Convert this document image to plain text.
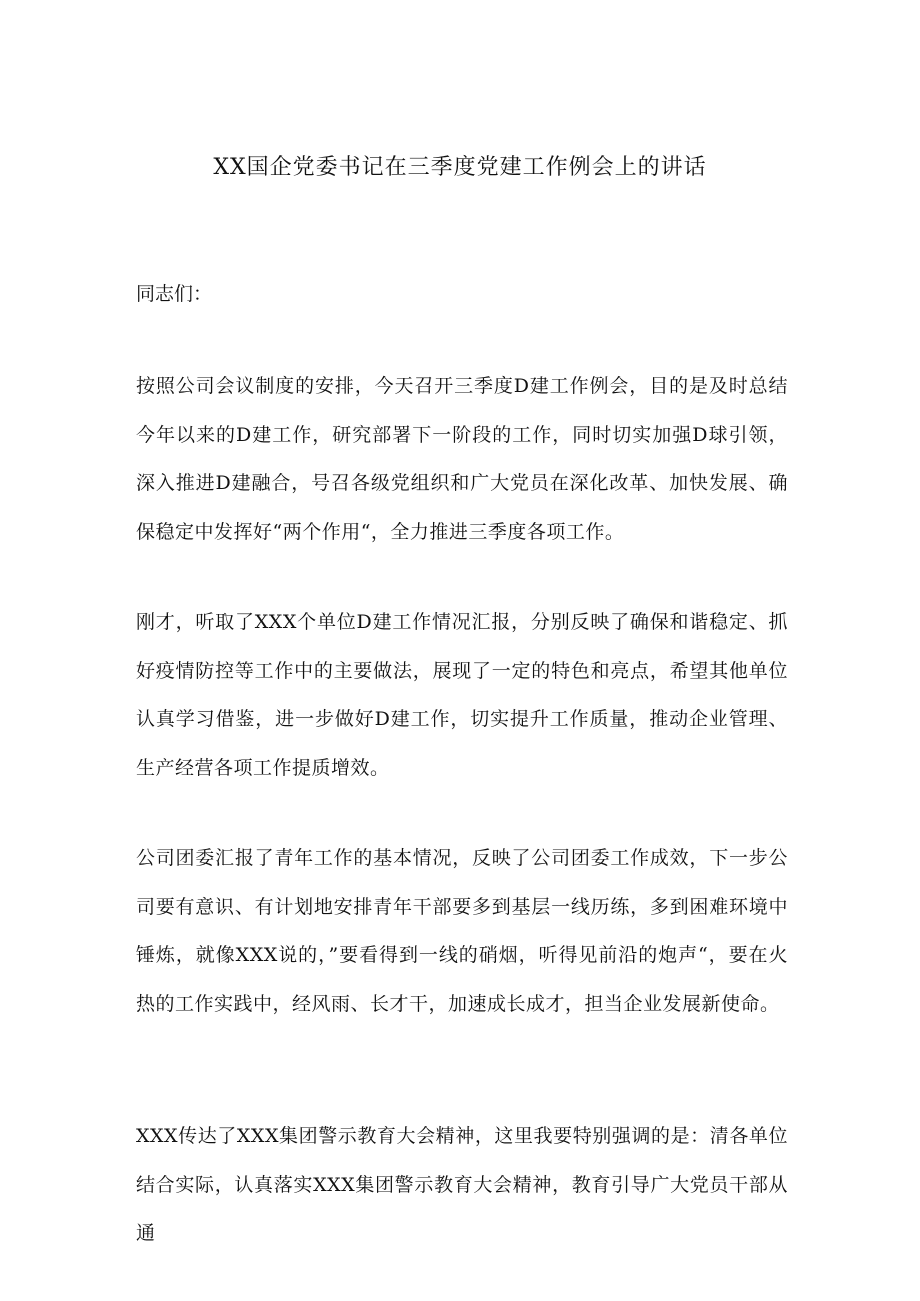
XX国企党委书记在三季度党建工作例会上的讲话
同志们：
按照公司会议制度的安排，今天召开三季度D建工作例会，目的是及时总结今年以来的D建工作，研究部署下一阶段的工作，同时切实加强D球引领，深入推进D建融合，号召各级党组织和广大党员在深化改革、加快发展、确保稳定中发挥好“两个作用“，全力推进三季度各项工作。
刚才，听取了XXX个单位D建工作情况汇报，分别反映了确保和谐稳定、抓好疫情防控等工作中的主要做法，展现了一定的特色和亮点，希望其他单位认真学习借鉴，进一步做好D建工作，切实提升工作质量，推动企业管理、生产经营各项工作提质增效。
公司团委汇报了青年工作的基本情况，反映了公司团委工作成效，下一步公司要有意识、有计划地安排青年干部要多到基层一线历练，多到困难环境中锤炼，就像XXX说的，”要看得到一线的硝烟，听得见前沿的炮声“，要在火热的工作实践中，经风雨、长才干，加速成长成才，担当企业发展新使命。
XXX传达了XXX集团警示教育大会精神，这里我要特别强调的是：清各单位结合实际，认真落实XXX集团警示教育大会精神，教育引导广大党员干部从通
